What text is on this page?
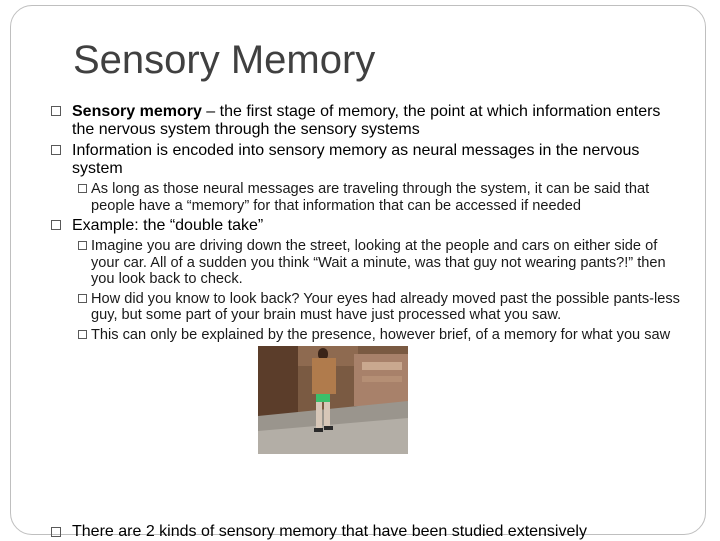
Sensory Memory
Sensory memory – the first stage of memory, the point at which information enters the nervous system through the sensory systems
Information is encoded into sensory memory as neural messages in the nervous system
As long as those neural messages are traveling through the system, it can be said that people have a “memory” for that information that can be accessed if needed
Example: the “double take”
Imagine you are driving down the street, looking at the people and cars on either side of your car. All of a sudden you think “Wait a minute, was that guy not wearing pants?!” then you look back to check.
How did you know to look back? Your eyes had already moved past the possible pants-less guy, but some part of your brain must have just processed what you saw.
This can only be explained by the presence, however brief, of a memory for what you saw
There are 2 kinds of sensory memory that have been studied extensively
